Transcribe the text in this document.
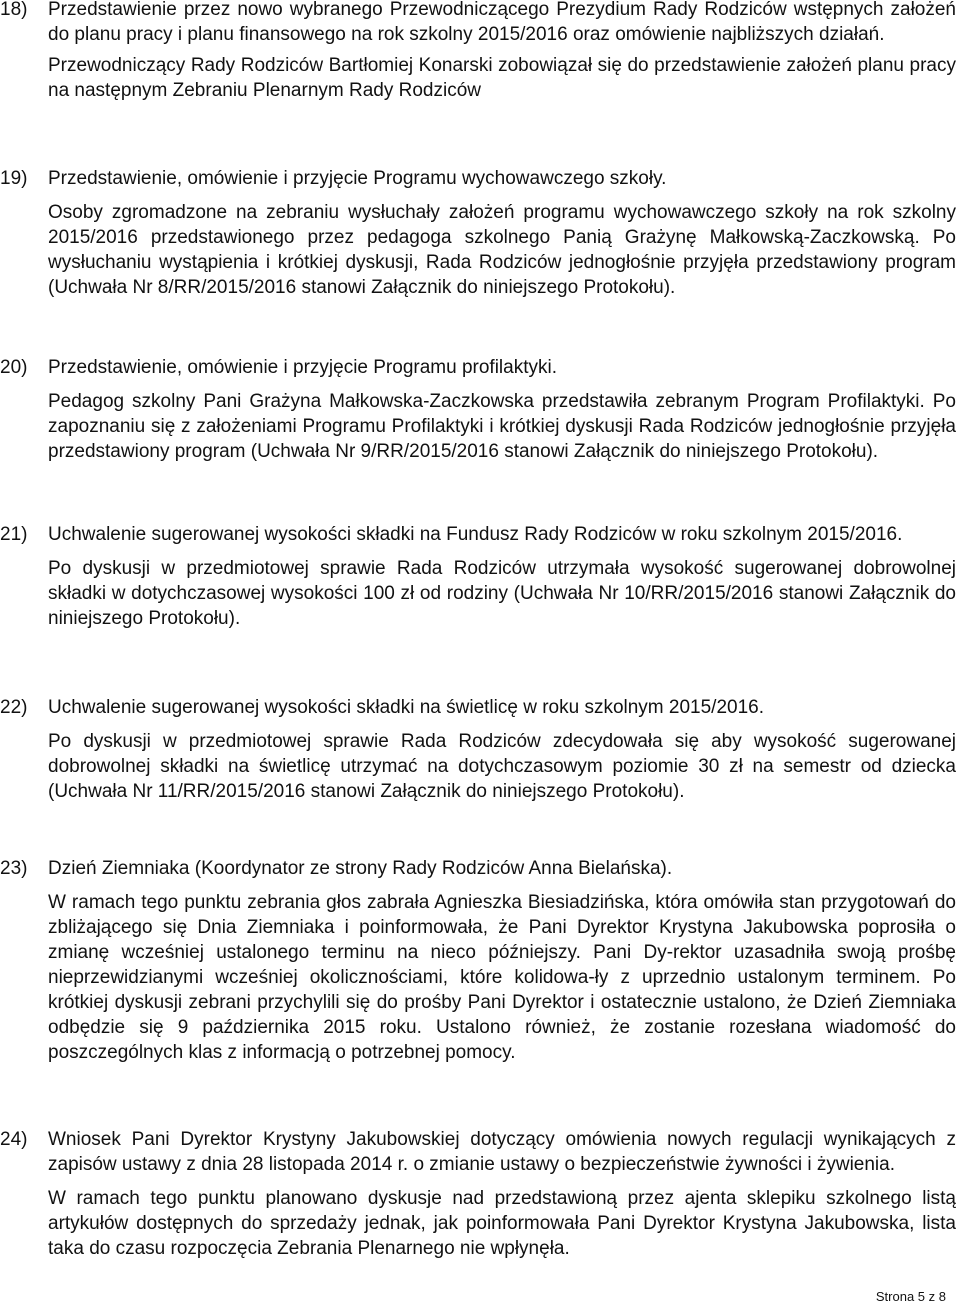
18) Przedstawienie przez nowo wybranego Przewodniczącego Prezydium Rady Rodziców wstępnych założeń do planu pracy i planu finansowego na rok szkolny 2015/2016 oraz omówienie najbliższych działań.
Przewodniczący Rady Rodziców Bartłomiej Konarski zobowiązał się do przedstawienie założeń planu pracy na następnym Zebraniu Plenarnym Rady Rodziców
19) Przedstawienie, omówienie i przyjęcie Programu wychowawczego szkoły.
Osoby zgromadzone na zebraniu wysłuchały założeń programu wychowawczego szkoły na rok szkolny 2015/2016 przedstawionego przez pedagoga szkolnego Panią Grażynę Małkowską-Zaczkowską. Po wysłuchaniu wystąpienia i krótkiej dyskusji, Rada Rodziców jednogłośnie przyjęła przedstawiony program (Uchwała Nr 8/RR/2015/2016 stanowi Załącznik do niniejszego Protokołu).
20) Przedstawienie, omówienie i przyjęcie Programu profilaktyki.
Pedagog szkolny Pani Grażyna Małkowska-Zaczkowska przedstawiła zebranym Program Profilaktyki. Po zapoznaniu się z założeniami Programu Profilaktyki i krótkiej dyskusji Rada Rodziców jednogłośnie przyjęła przedstawiony program (Uchwała Nr 9/RR/2015/2016 stanowi Załącznik do niniejszego Protokołu).
21) Uchwalenie sugerowanej wysokości składki na Fundusz Rady Rodziców w roku szkolnym 2015/2016.
Po dyskusji w przedmiotowej sprawie Rada Rodziców utrzymała wysokość sugerowanej dobrowolnej składki w dotychczasowej wysokości 100 zł od rodziny (Uchwała Nr 10/RR/2015/2016 stanowi Załącznik do niniejszego Protokołu).
22) Uchwalenie sugerowanej wysokości składki na świetlicę w roku szkolnym 2015/2016.
Po dyskusji w przedmiotowej sprawie Rada Rodziców zdecydowała się aby wysokość sugerowanej dobrowolnej składki na świetlicę utrzymać na dotychczasowym poziomie 30 zł na semestr od dziecka (Uchwała Nr 11/RR/2015/2016 stanowi Załącznik do niniejszego Protokołu).
23) Dzień Ziemniaka (Koordynator ze strony Rady Rodziców Anna Bielańska).
W ramach tego punktu zebrania głos zabrała Agnieszka Biesiadzińska, która omówiła stan przygotowań do zbliżającego się Dnia Ziemniaka i poinformowała, że Pani Dyrektor Krystyna Jakubowska poprosiła o zmianę wcześniej ustalonego terminu na nieco późniejszy. Pani Dy-rektor uzasadniła swoją prośbę nieprzewidzianymi wcześniej okolicznościami, które kolidowa-ły z uprzednio ustalonym terminem. Po krótkiej dyskusji zebrani przychylili się do prośby Pani Dyrektor i ostatecznie ustalono, że Dzień Ziemniaka odbędzie się 9 października 2015 roku. Ustalono również, że zostanie rozesłana wiadomość do poszczególnych klas z informacją o potrzebnej pomocy.
24) Wniosek Pani Dyrektor Krystyny Jakubowskiej dotyczący omówienia nowych regulacji wynikających z zapisów ustawy z dnia 28 listopada 2014 r. o zmianie ustawy o bezpieczeństwie żywności i żywienia.
W ramach tego punktu planowano dyskusje nad przedstawioną przez ajenta sklepiku szkolnego listą artykułów dostępnych do sprzedaży jednak, jak poinformowała Pani Dyrektor Krystyna Jakubowska, lista taka do czasu rozpoczęcia Zebrania Plenarnego nie wpłynęła.
Strona 5 z 8
